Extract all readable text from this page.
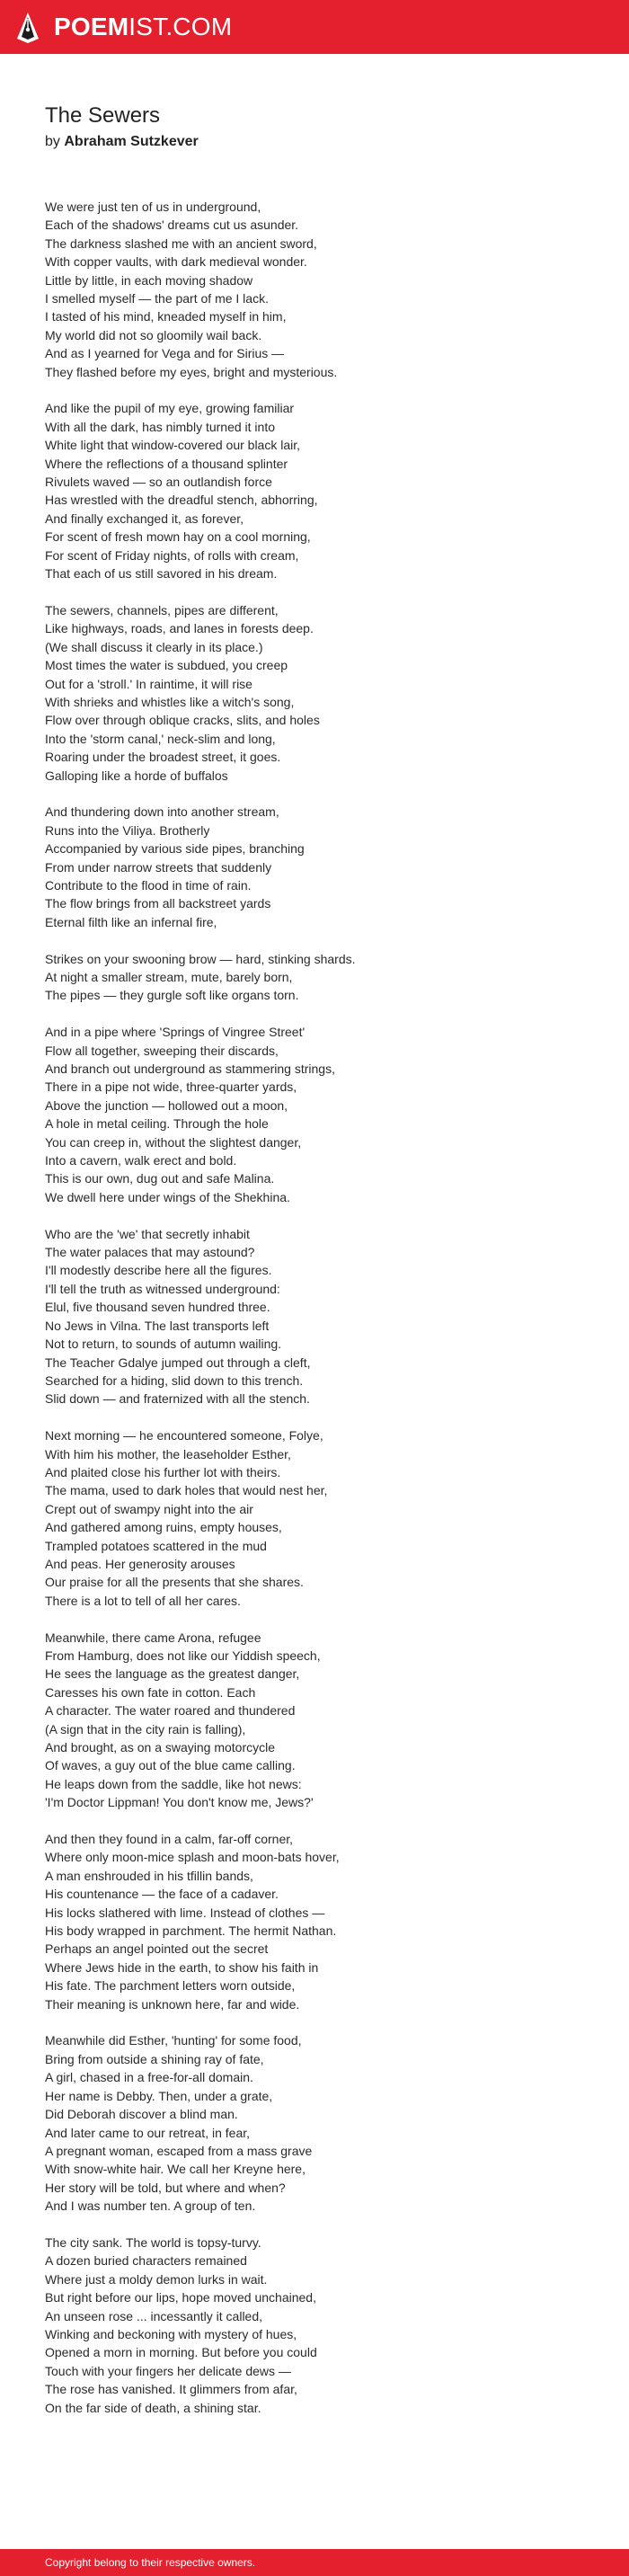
POEMIST.COM
The Sewers
by Abraham Sutzkever
We were just ten of us in underground,
Each of the shadows' dreams cut us asunder.
The darkness slashed me with an ancient sword,
With copper vaults, with dark medieval wonder.
Little by little, in each moving shadow
I smelled myself — the part of me I lack.
I tasted of his mind, kneaded myself in him,
My world did not so gloomily wail back.
And as I yearned for Vega and for Sirius —
They flashed before my eyes, bright and mysterious.
And like the pupil of my eye, growing familiar
With all the dark, has nimbly turned it into
White light that window-covered our black lair,
Where the reflections of a thousand splinter
Rivulets waved — so an outlandish force
Has wrestled with the dreadful stench, abhorring,
And finally exchanged it, as forever,
For scent of fresh mown hay on a cool morning,
For scent of Friday nights, of rolls with cream,
That each of us still savored in his dream.
The sewers, channels, pipes are different,
Like highways, roads, and lanes in forests deep.
(We shall discuss it clearly in its place.)
Most times the water is subdued, you creep
Out for a 'stroll.' In raintime, it will rise
With shrieks and whistles like a witch's song,
Flow over through oblique cracks, slits, and holes
Into the 'storm canal,' neck-slim and long,
Roaring under the broadest street, it goes.
Galloping like a horde of buffalos
And thundering down into another stream,
Runs into the Viliya. Brotherly
Accompanied by various side pipes, branching
From under narrow streets that suddenly
Contribute to the flood in time of rain.
The flow brings from all backstreet yards
Eternal filth like an infernal fire,
Strikes on your swooning brow — hard, stinking shards.
At night a smaller stream, mute, barely born,
The pipes — they gurgle soft like organs torn.
And in a pipe where 'Springs of Vingree Street'
Flow all together, sweeping their discards,
And branch out underground as stammering strings,
There in a pipe not wide, three-quarter yards,
Above the junction — hollowed out a moon,
A hole in metal ceiling. Through the hole
You can creep in, without the slightest danger,
Into a cavern, walk erect and bold.
This is our own, dug out and safe Malina.
We dwell here under wings of the Shekhina.
Who are the 'we' that secretly inhabit
The water palaces that may astound?
I'll modestly describe here all the figures.
I'll tell the truth as witnessed underground:
Elul, five thousand seven hundred three.
No Jews in Vilna. The last transports left
Not to return, to sounds of autumn wailing.
The Teacher Gdalye jumped out through a cleft,
Searched for a hiding, slid down to this trench.
Slid down — and fraternized with all the stench.
Next morning — he encountered someone, Folye,
With him his mother, the leaseholder Esther,
And plaited close his further lot with theirs.
The mama, used to dark holes that would nest her,
Crept out of swampy night into the air
And gathered among ruins, empty houses,
Trampled potatoes scattered in the mud
And peas. Her generosity arouses
Our praise for all the presents that she shares.
There is a lot to tell of all her cares.
Meanwhile, there came Arona, refugee
From Hamburg, does not like our Yiddish speech,
He sees the language as the greatest danger,
Caresses his own fate in cotton. Each
A character. The water roared and thundered
(A sign that in the city rain is falling),
And brought, as on a swaying motorcycle
Of waves, a guy out of the blue came calling.
He leaps down from the saddle, like hot news:
'I'm Doctor Lippman! You don't know me, Jews?'
And then they found in a calm, far-off corner,
Where only moon-mice splash and moon-bats hover,
A man enshrouded in his tfillin bands,
His countenance — the face of a cadaver.
His locks slathered with lime. Instead of clothes —
His body wrapped in parchment. The hermit Nathan.
Perhaps an angel pointed out the secret
Where Jews hide in the earth, to show his faith in
His fate. The parchment letters worn outside,
Their meaning is unknown here, far and wide.
Meanwhile did Esther, 'hunting' for some food,
Bring from outside a shining ray of fate,
A girl, chased in a free-for-all domain.
Her name is Debby. Then, under a grate,
Did Deborah discover a blind man.
And later came to our retreat, in fear,
A pregnant woman, escaped from a mass grave
With snow-white hair. We call her Kreyne here,
Her story will be told, but where and when?
And I was number ten. A group of ten.
The city sank. The world is topsy-turvy.
A dozen buried characters remained
Where just a moldy demon lurks in wait.
But right before our lips, hope moved unchained,
An unseen rose ... incessantly it called,
Winking and beckoning with mystery of hues,
Opened a morn in morning. But before you could
Touch with your fingers her delicate dews —
The rose has vanished. It glimmers from afar,
On the far side of death, a shining star.
Copyright belong to their respective owners.
